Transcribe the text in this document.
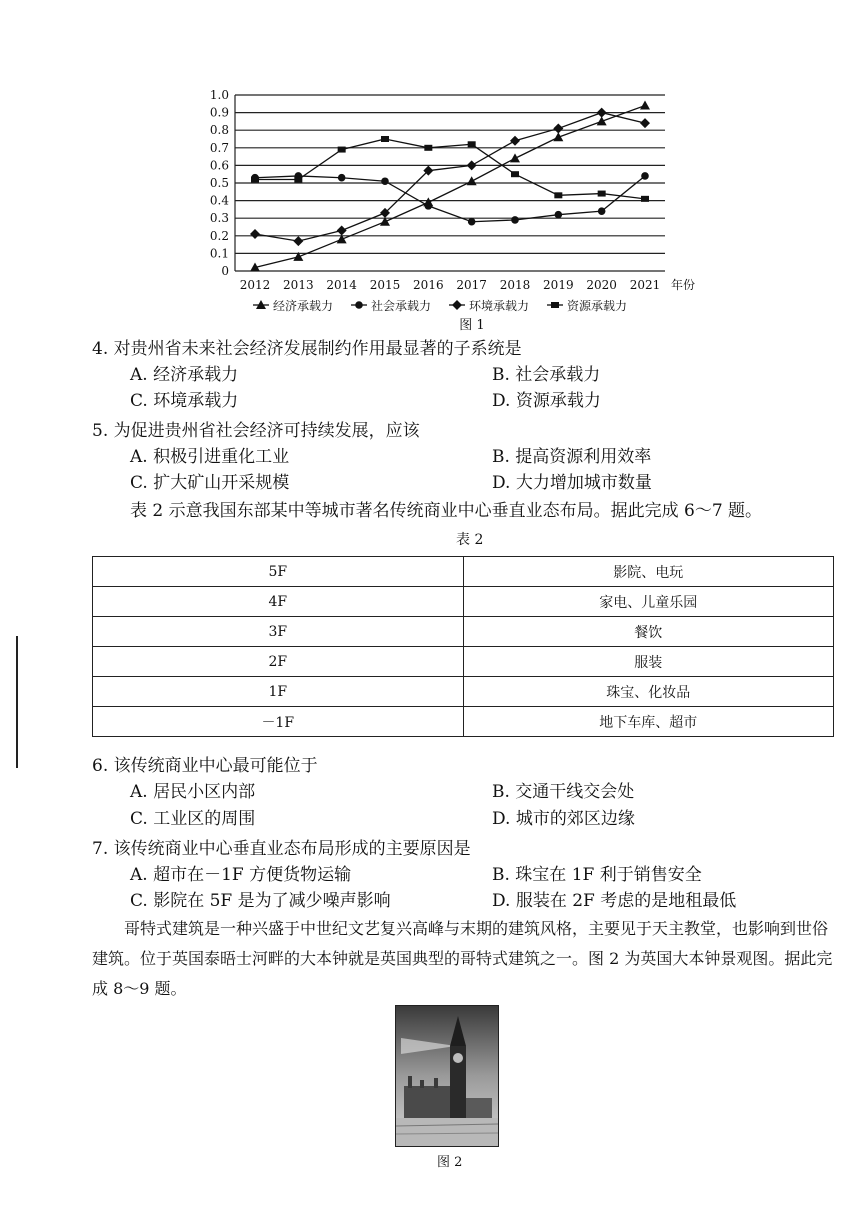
0
0.1
0.2
0.3
0.4
0.5
0.6
0.7
0.8
0.9
1.0
2012 2013 2014 2015 2016 2017 2018 2019 2020 2021 年份
经济承载力	社会承载力	环境承载力	资源承载力
图 1
4. 对贵州省未来社会经济发展制约作用最显著的子系统是
A. 经济承载力	B. 社会承载力
C. 环境承载力	D. 资源承载力
5. 为促进贵州省社会经济可持续发展，应该
A. 积极引进重化工业	B. 提高资源利用效率
C. 扩大矿山开采规模	D. 大力增加城市数量
表 2 示意我国东部某中等城市著名传统商业中心垂直业态布局。据此完成 6～7 题。
表 2
5F	影院、电玩
4F	家电、儿童乐园
3F	餐饮
2F	服装
1F	珠宝、化妆品
－1F	地下车库、超市
6. 该传统商业中心最可能位于
A. 居民小区内部	B. 交通干线交会处
C. 工业区的周围	D. 城市的郊区边缘
7. 该传统商业中心垂直业态布局形成的主要原因是
A. 超市在－1F 方便货物运输	B. 珠宝在 1F 利于销售安全
C. 影院在 5F 是为了减少噪声影响	D. 服装在 2F 考虑的是地租最低
哥特式建筑是一种兴盛于中世纪文艺复兴高峰与末期的建筑风格，主要见于天主教堂，也影响到世俗建筑。位于英国泰晤士河畔的大本钟就是英国典型的哥特式建筑之一。图 2 为英国大本钟景观图。据此完成 8～9 题。
图 2
